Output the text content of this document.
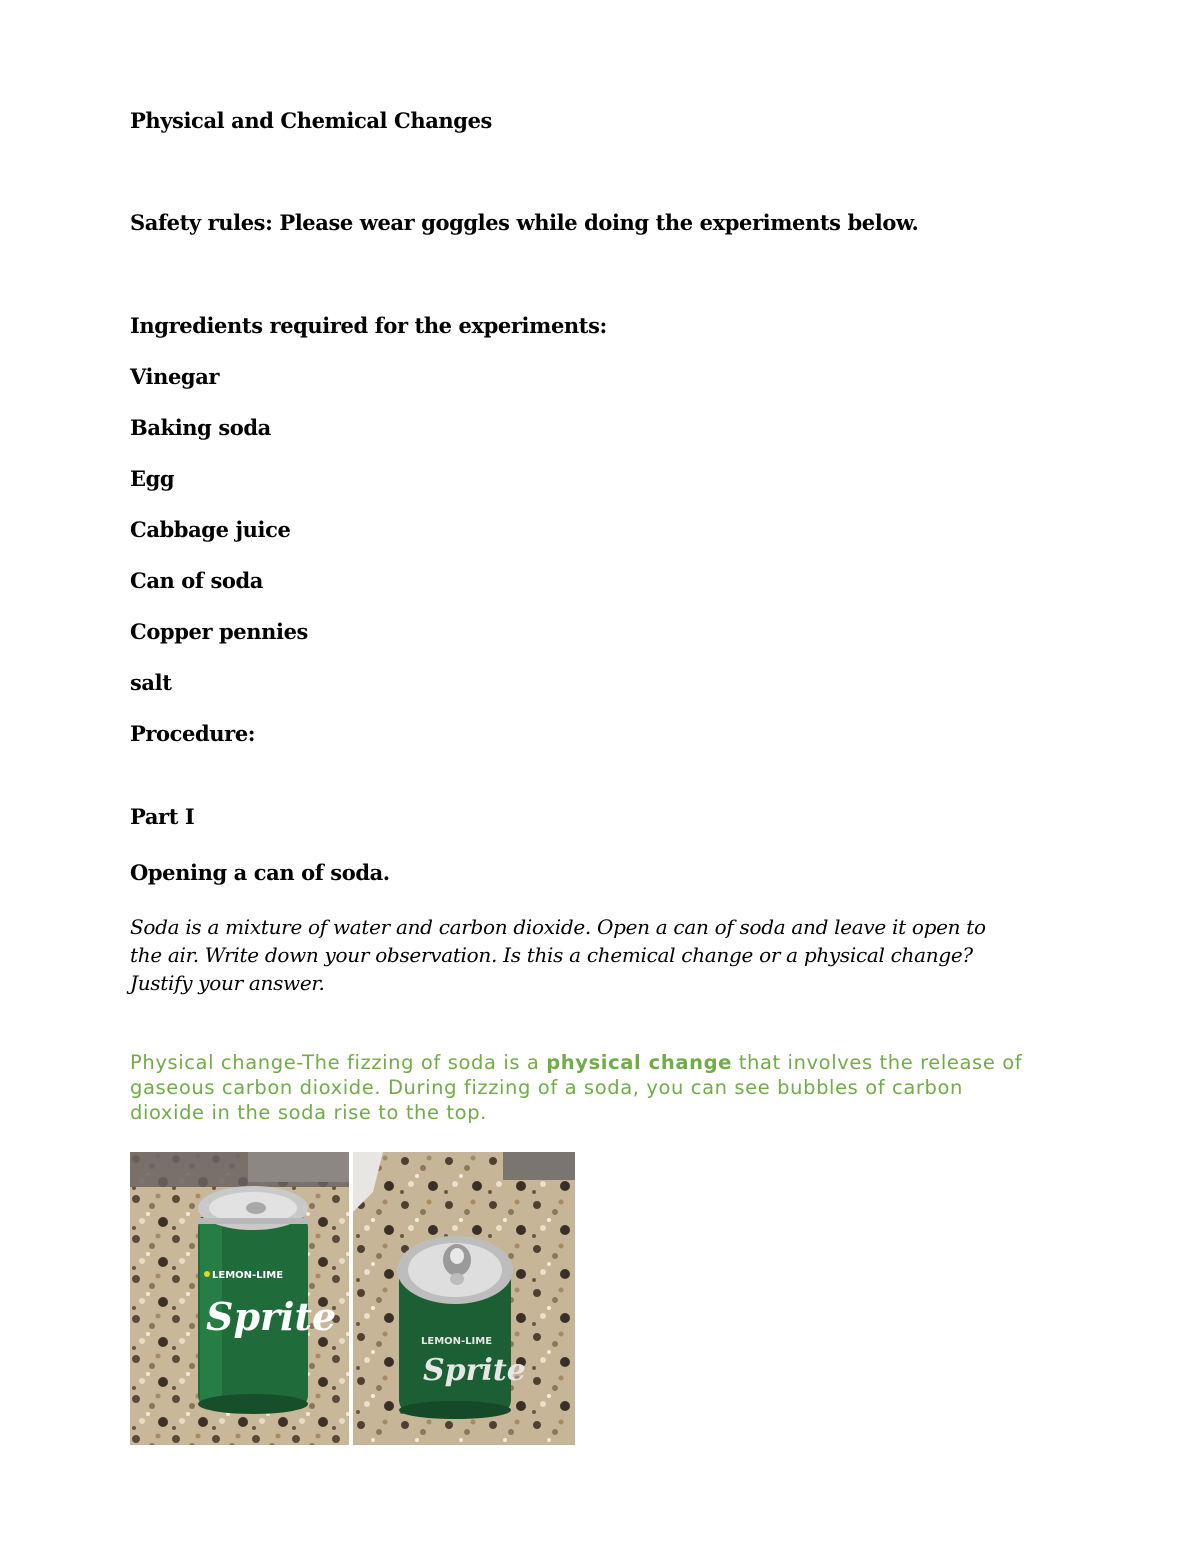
Physical and Chemical Changes
Safety rules: Please wear goggles while doing the experiments below.
Ingredients required for the experiments:
Vinegar
Baking soda
Egg
Cabbage juice
Can of soda
Copper pennies
salt
Procedure:
Part I
Opening a can of soda.
Soda is a mixture of water and carbon dioxide. Open a can of soda and leave it open to the air. Write down your observation. Is this a chemical change or a physical change? Justify your answer.
Physical change-The fizzing of soda is a physical change that involves the release of gaseous carbon dioxide. During fizzing of a soda, you can see bubbles of carbon dioxide in the soda rise to the top.
LEMON-LIME
Sprite
LEMON-LIME
Sprite
